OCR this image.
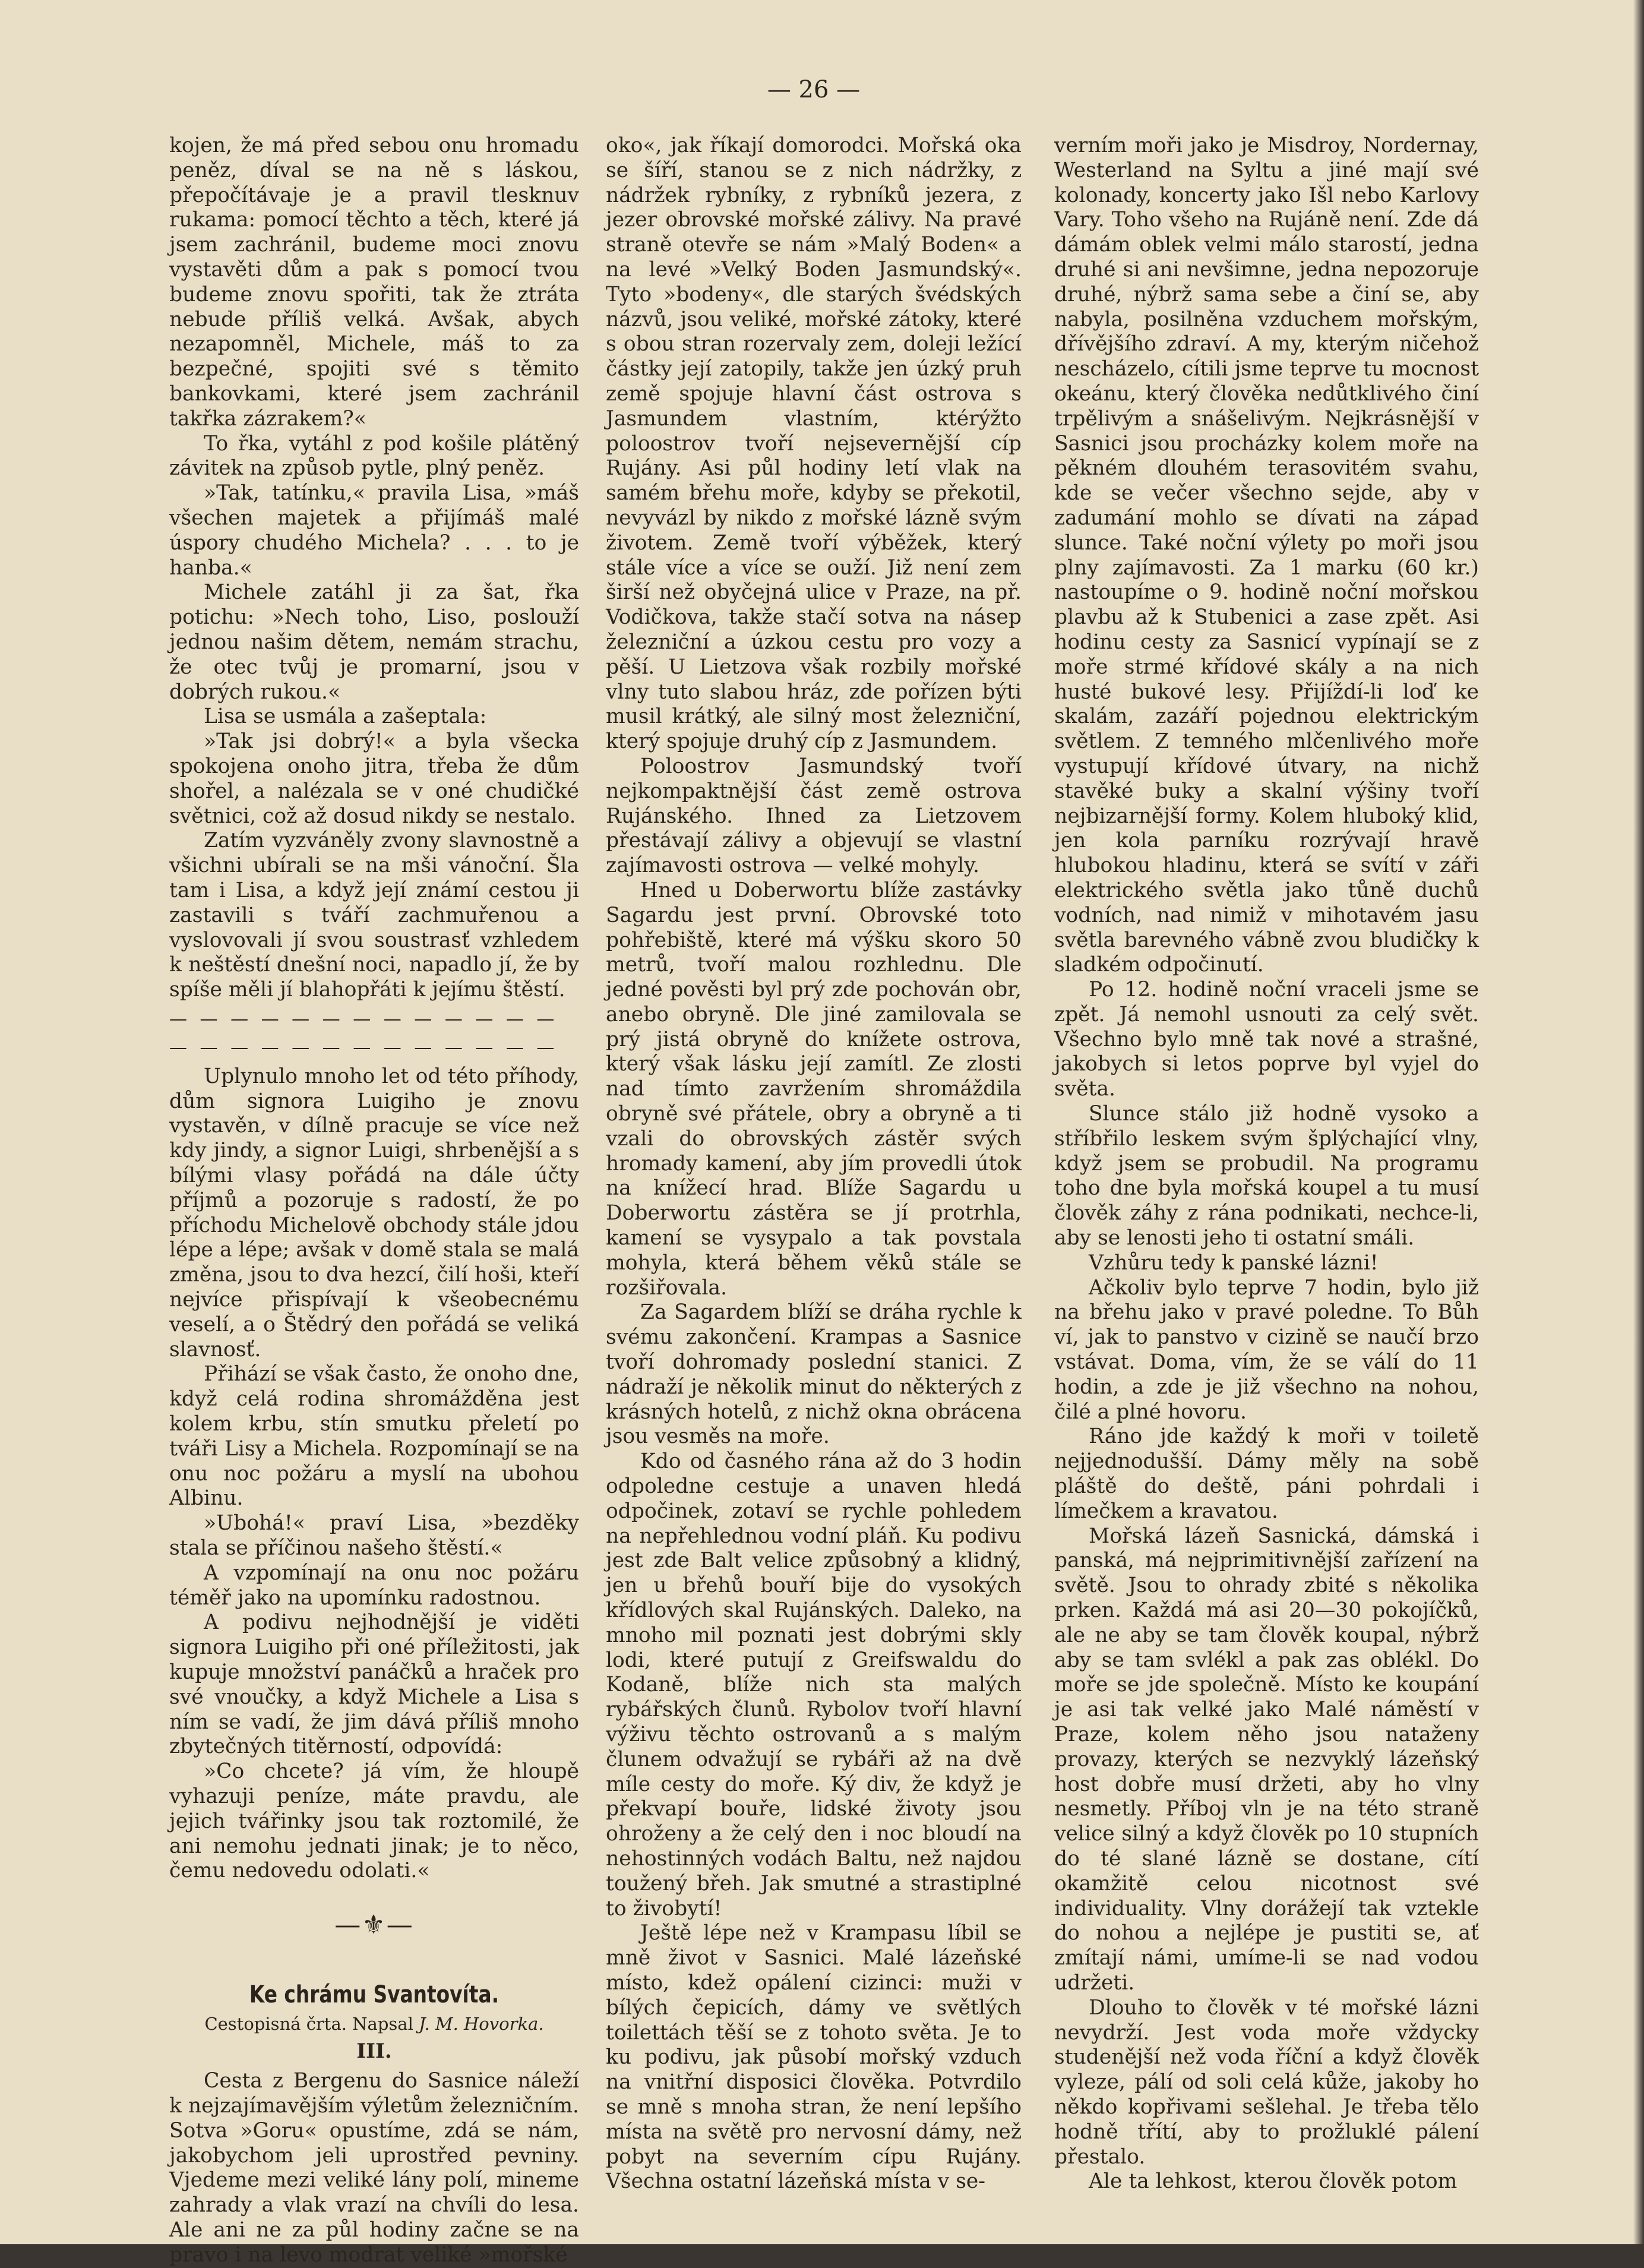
— 26 —

kojen, že má před sebou onu hromadu peněz, díval se na ně s láskou, přepočítávaje je a pravil tlesknuv rukama: pomocí těchto a těch, které já jsem zachránil, budeme moci znovu vystavěti dům a pak s pomocí tvou budeme znovu spořiti, tak že ztráta nebude příliš velká. Avšak, abych nezapomněl, Michele, máš to za bezpečné, spojiti své s těmito bankovkami, které jsem zachránil takřka zázrakem?«

To řka, vytáhl z pod košile plátěný závitek na způsob pytle, plný peněz.

»Tak, tatínku,« pravila Lisa, »máš všechen majetek a přijímáš malé úspory chudého Michela? . . . to je hanba.«

Michele zatáhl ji za šat, řka potichu: »Nech toho, Liso, poslouží jednou našim dětem, nemám strachu, že otec tvůj je promarní, jsou v dobrých rukou.«

Lisa se usmála a zašeptala:

»Tak jsi dobrý!« a byla všecka spokojena onoho jitra, třeba že dům shořel, a nalézala se v oné chudičké světnici, což až dosud nikdy se nestalo.

Zatím vyzváněly zvony slavnostně a všichni ubírali se na mši vánoční. Šla tam i Lisa, a když její známí cestou ji zastavili s tváří zachmuřenou a vyslovovali jí svou soustrasť vzhledem k neštěstí dnešní noci, napadlo jí, že by spíše měli jí blahopřáti k jejímu štěstí.

— — — — — — — — — — — — —
— — — — — — — — — — — — —

Uplynulo mnoho let od této příhody, dům signora Luigiho je znovu vystavěn, v dílně pracuje se více než kdy jindy, a signor Luigi, shrbenější a s bílými vlasy pořádá na dále účty příjmů a pozoruje s radostí, že po příchodu Michelově obchody stále jdou lépe a lépe; avšak v domě stala se malá změna, jsou to dva hezcí, čilí hoši, kteří nejvíce přispívají k všeobecnému veselí, a o Štědrý den pořádá se veliká slavnosť.

Přihází se však často, že onoho dne, když celá rodina shromážděna jest kolem krbu, stín smutku přeletí po tváři Lisy a Michela. Rozpomínají se na onu noc požáru a myslí na ubohou Albinu.

»Ubohá!« praví Lisa, »bezděky stala se příčinou našeho štěstí.«

A vzpomínají na onu noc požáru téměř jako na upomínku radostnou.

A podivu nejhodnější je viděti signora Luigiho při oné příležitosti, jak kupuje množství panáčků a hraček pro své vnoučky, a když Michele a Lisa s ním se vadí, že jim dává příliš mnoho zbytečných titěrností, odpovídá:

»Co chcete? já vím, že hloupě vyhazuji peníze, máte pravdu, ale jejich tvářinky jsou tak roztomilé, že ani nemohu jednati jinak; je to něco, čemu nedovedu odolati.«

—⚜—
Ke chrámu Svantovíta.
Cestopisná črta. Napsal J. M. Hovorka.
III.

Cesta z Bergenu do Sasnice náleží k nejzajímavějším výletům železničním. Sotva »Goru« opustíme, zdá se nám, jakobychom jeli uprostřed pevniny. Vjedeme mezi veliké lány polí, mineme zahrady a vlak vrazí na chvíli do lesa. Ale ani ne za půl hodiny začne se na pravo i na levo modrat veliké »mořské

oko«, jak říkají domorodci. Mořská oka se šíří, stanou se z nich nádržky, z nádržek rybníky, z rybníků jezera, z jezer obrovské mořské zálivy. Na pravé straně otevře se nám »Malý Boden« a na levé »Velký Boden Jasmundský«. Tyto »bodeny«, dle starých švédských názvů, jsou veliké, mořské zátoky, které s obou stran rozervaly zem, doleji ležící částky její zatopily, takže jen úzký pruh země spojuje hlavní část ostrova s Jasmundem vlastním, ktérýžto poloostrov tvoří nejsevernější cíp Rujány. Asi půl hodiny letí vlak na samém břehu moře, kdyby se překotil, nevyvázl by nikdo z mořské lázně svým životem. Země tvoří výběžek, který stále více a více se ouží. Již není zem širší než obyčejná ulice v Praze, na př. Vodičkova, takže stačí sotva na násep železniční a úzkou cestu pro vozy a pěší. U Lietzova však rozbily mořské vlny tuto slabou hráz, zde pořízen býti musil krátký, ale silný most železniční, který spojuje druhý cíp z Jasmundem.

Poloostrov Jasmundský tvoří nejkompaktnější část země ostrova Rujánského. Ihned za Lietzovem přestávají zálivy a objevují se vlastní zajímavosti ostrova — velké mohyly.

Hned u Doberwortu blíže zastávky Sagardu jest první. Obrovské toto pohřebiště, které má výšku skoro 50 metrů, tvoří malou rozhlednu. Dle jedné pověsti byl prý zde pochován obr, anebo obryně. Dle jiné zamilovala se prý jistá obryně do knížete ostrova, který však lásku její zamítl. Ze zlosti nad tímto zavržením shromáždila obryně své přátele, obry a obryně a ti vzali do obrovských zástěr svých hromady kamení, aby jím provedli útok na knížecí hrad. Blíže Sagardu u Doberwortu zástěra se jí protrhla, kamení se vysypalo a tak povstala mohyla, která během věků stále se rozšiřovala.

Za Sagardem blíží se dráha rychle k svému zakončení. Krampas a Sasnice tvoří dohromady poslední stanici. Z nádraží je několik minut do některých z krásných hotelů, z nichž okna obrácena jsou vesměs na moře.

Kdo od časného rána až do 3 hodin odpoledne cestuje a unaven hledá odpočinek, zotaví se rychle pohledem na nepřehlednou vodní pláň. Ku podivu jest zde Balt velice způsobný a klidný, jen u břehů bouří bije do vysokých křídlových skal Rujánských. Daleko, na mnoho mil poznati jest dobrými skly lodi, které putují z Greifswaldu do Kodaně, blíže nich sta malých rybářských člunů. Rybolov tvoří hlavní výživu těchto ostrovanů a s malým člunem odvažují se rybáři až na dvě míle cesty do moře. Ký div, že když je překvapí bouře, lidské životy jsou ohroženy a že celý den i noc bloudí na nehostinných vodách Baltu, než najdou toužený břeh. Jak smutné a strastiplné to živobytí!

Ještě lépe než v Krampasu líbil se mně život v Sasnici. Malé lázeňské místo, kdež opálení cizinci: muži v bílých čepicích, dámy ve světlých toilettách těší se z tohoto světa. Je to ku podivu, jak působí mořský vzduch na vnitřní disposici člověka. Potvrdilo se mně s mnoha stran, že není lepšího místa na světě pro nervosní dámy, než pobyt na severním cípu Rujány. Všechna ostatní lázeňská místa v se-

verním moři jako je Misdroy, Nordernay, Westerland na Syltu a jiné mají své kolonady, koncerty jako Išl nebo Karlovy Vary. Toho všeho na Rujáně není. Zde dá dámám oblek velmi málo starostí, jedna druhé si ani nevšimne, jedna nepozoruje druhé, nýbrž sama sebe a činí se, aby nabyla, posilněna vzduchem mořským, dřívějšího zdraví. A my, kterým ničehož nescházelo, cítili jsme teprve tu mocnost okeánu, který člověka nedůtklivého činí trpělivým a snášelivým. Nejkrásnější v Sasnici jsou procházky kolem moře na pěkném dlouhém terasovitém svahu, kde se večer všechno sejde, aby v zadumání mohlo se dívati na západ slunce. Také noční výlety po moři jsou plny zajímavosti. Za 1 marku (60 kr.) nastoupíme o 9. hodině noční mořskou plavbu až k Stubenici a zase zpět. Asi hodinu cesty za Sasnicí vypínají se z moře strmé křídové skály a na nich husté bukové lesy. Přijíždí-li loď ke skalám, zazáří pojednou elektrickým světlem. Z temného mlčenlivého moře vystupují křídové útvary, na nichž stavěké buky a skalní výšiny tvoří nejbizarnější formy. Kolem hluboký klid, jen kola parníku rozrývají hravě hlubokou hladinu, která se svítí v záři elektrického světla jako tůně duchů vodních, nad nimiž v mihotavém jasu světla barevného vábně zvou bludičky k sladkém odpočinutí.

Po 12. hodině noční vraceli jsme se zpět. Já nemohl usnouti za celý svět. Všechno bylo mně tak nové a strašné, jakobych si letos poprve byl vyjel do světa.

Slunce stálo již hodně vysoko a stříbřilo leskem svým šplýchající vlny, když jsem se probudil. Na programu toho dne byla mořská koupel a tu musí člověk záhy z rána podnikati, nechce-li, aby se lenosti jeho ti ostatní smáli.

Vzhůru tedy k panské lázni!

Ačkoliv bylo teprve 7 hodin, bylo již na břehu jako v pravé poledne. To Bůh ví, jak to panstvo v cizině se naučí brzo vstávat. Doma, vím, že se válí do 11 hodin, a zde je již všechno na nohou, čilé a plné hovoru.

Ráno jde každý k moři v toiletě nejjednodušší. Dámy měly na sobě pláště do deště, páni pohrdali i límečkem a kravatou.

Mořská lázeň Sasnická, dámská i panská, má nejprimitivnější zařízení na světě. Jsou to ohrady zbité s několika prken. Každá má asi 20—30 pokojíčků, ale ne aby se tam člověk koupal, nýbrž aby se tam svlékl a pak zas oblékl. Do moře se jde společně. Místo ke koupání je asi tak velké jako Malé náměstí v Praze, kolem něho jsou nataženy provazy, kterých se nezvyklý lázeňský host dobře musí držeti, aby ho vlny nesmetly. Příboj vln je na této straně velice silný a když člověk po 10 stupních do té slané lázně se dostane, cítí okamžitě celou nicotnost své individuality. Vlny dorážejí tak vztekle do nohou a nejlépe je pustiti se, ať zmítají námi, umíme-li se nad vodou udržeti.

Dlouho to člověk v té mořské lázni nevydrží. Jest voda moře vždycky studenější než voda říční a když člověk vyleze, pálí od soli celá kůže, jakoby ho někdo kopřivami sešlehal. Je třeba tělo hodně třítí, aby to prožluklé pálení přestalo.

Ale ta lehkost, kterou člověk potom
